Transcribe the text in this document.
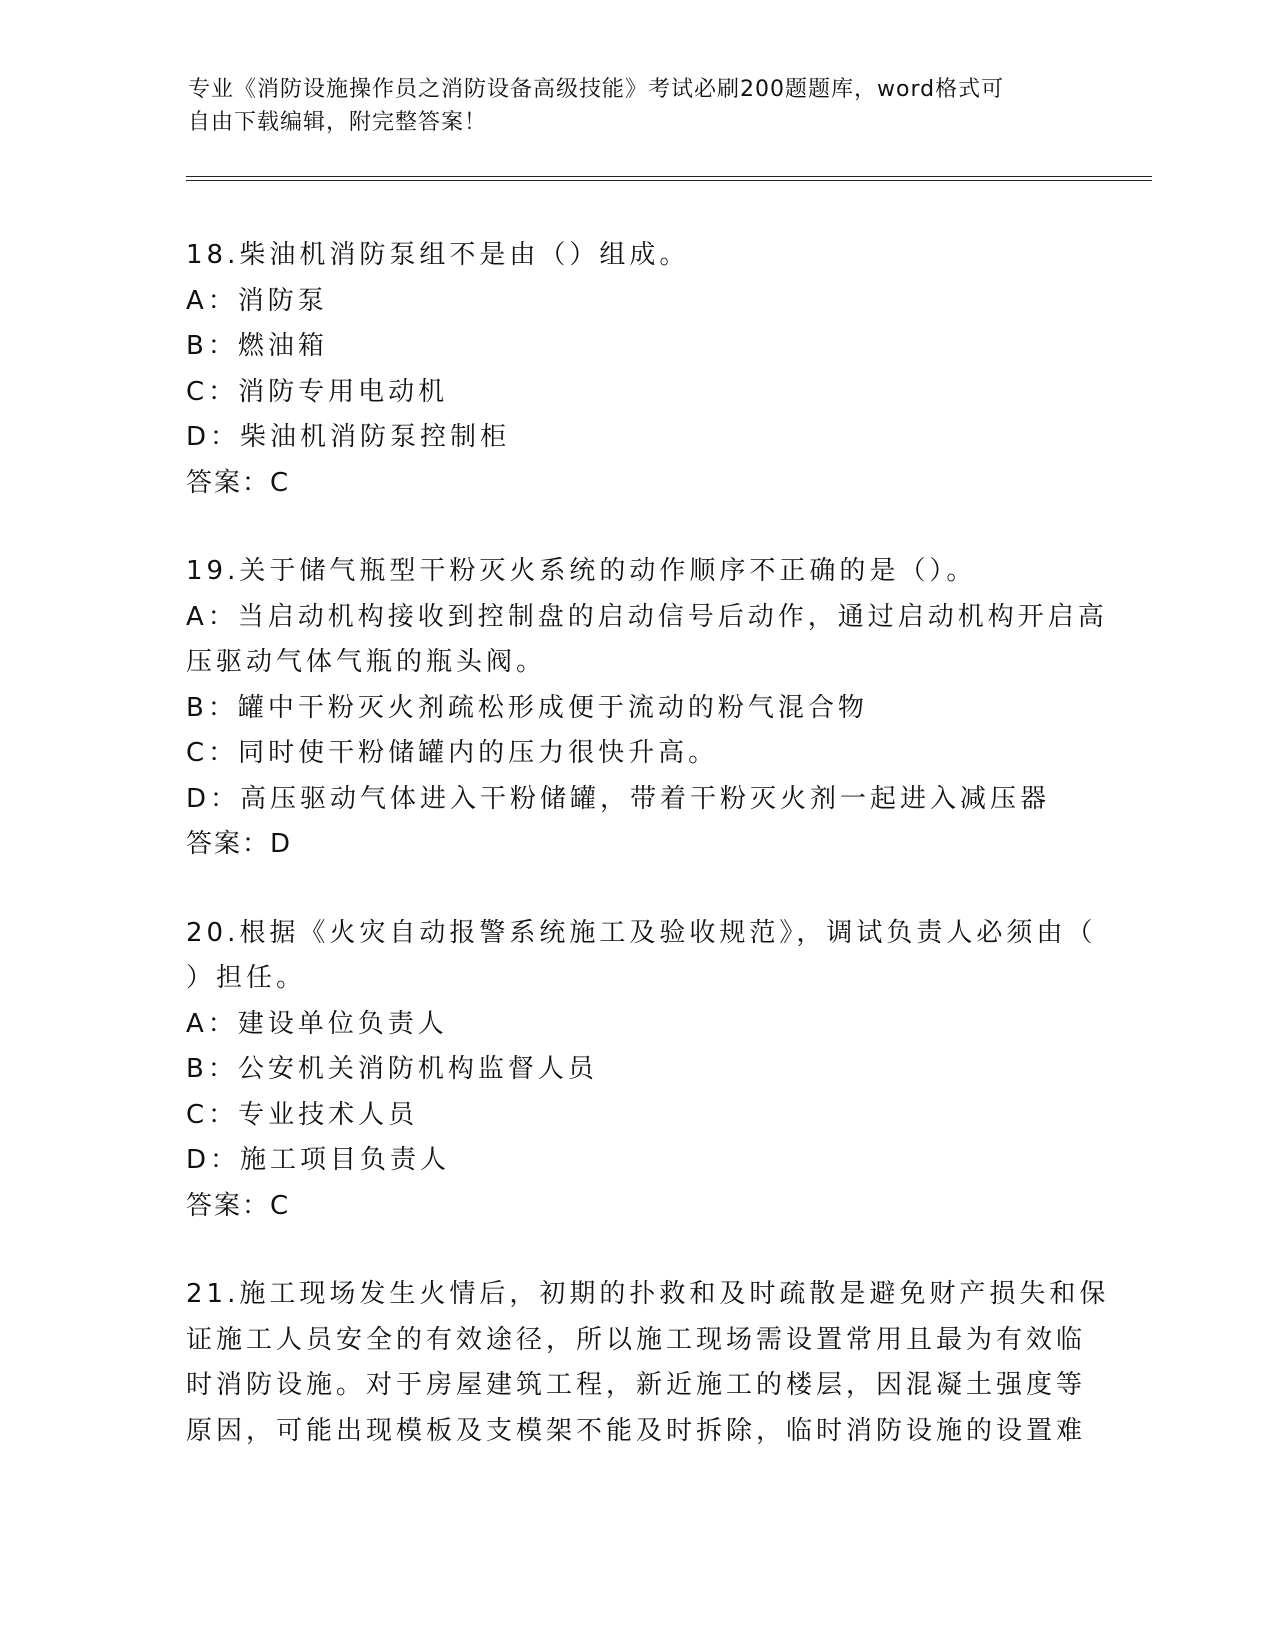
专业《消防设施操作员之消防设备高级技能》考试必刷200题题库，word格式可
自由下载编辑，附完整答案！
18.柴油机消防泵组不是由（）组成。
A：消防泵
B：燃油箱
C：消防专用电动机
D：柴油机消防泵控制柜
答案：C
19.关于储气瓶型干粉灭火系统的动作顺序不正确的是（）。
A：当启动机构接收到控制盘的启动信号后动作，通过启动机构开启高
压驱动气体气瓶的瓶头阀。
B：罐中干粉灭火剂疏松形成便于流动的粉气混合物
C：同时使干粉储罐内的压力很快升高。
D：高压驱动气体进入干粉储罐，带着干粉灭火剂一起进入减压器
答案：D
20.根据《火灾自动报警系统施工及验收规范》，调试负责人必须由（
）担任。
A：建设单位负责人
B：公安机关消防机构监督人员
C：专业技术人员
D：施工项目负责人
答案：C
21.施工现场发生火情后，初期的扑救和及时疏散是避免财产损失和保
证施工人员安全的有效途径，所以施工现场需设置常用且最为有效临
时消防设施。对于房屋建筑工程，新近施工的楼层，因混凝土强度等
原因，可能出现模板及支模架不能及时拆除，临时消防设施的设置难
